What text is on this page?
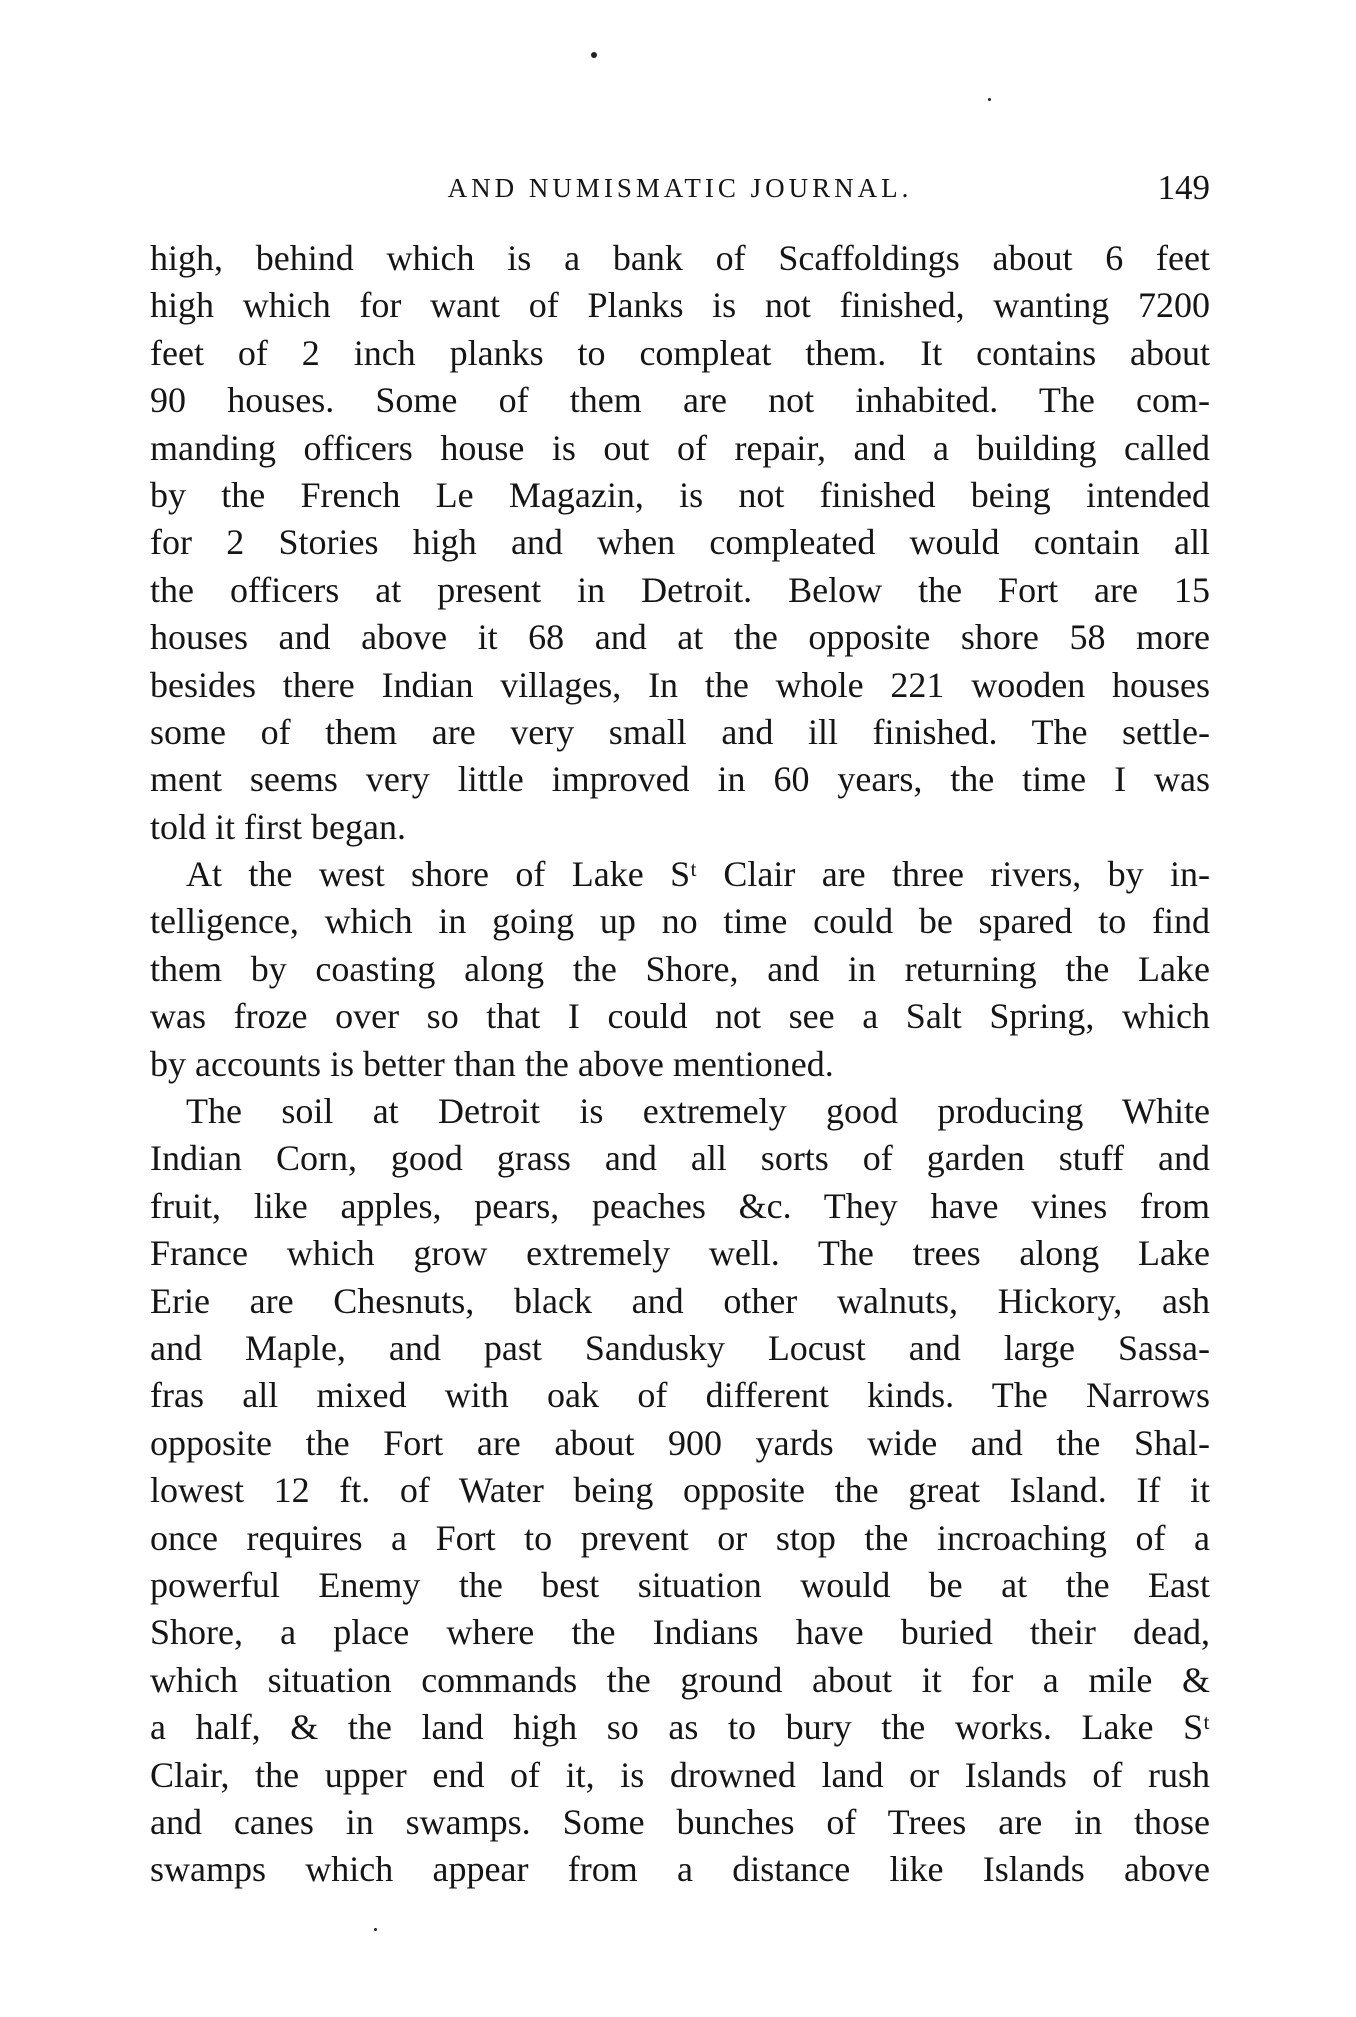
AND NUMISMATIC JOURNAL.	149
high, behind which is a bank of Scaffoldings about 6 feet
high which for want of Planks is not finished, wanting 7200
feet of 2 inch planks to compleat them. It contains about
90 houses. Some of them are not inhabited. The com-
manding officers house is out of repair, and a building called
by the French Le Magazin, is not finished being intended
for 2 Stories high and when compleated would contain all
the officers at present in Detroit. Below the Fort are 15
houses and above it 68 and at the opposite shore 58 more
besides there Indian villages, In the whole 221 wooden houses
some of them are very small and ill finished. The settle-
ment seems very little improved in 60 years, the time I was
told it first began.
At the west shore of Lake Sᵗ Clair are three rivers, by in-
telligence, which in going up no time could be spared to find
them by coasting along the Shore, and in returning the Lake
was froze over so that I could not see a Salt Spring, which
by accounts is better than the above mentioned.
The soil at Detroit is extremely good producing White
Indian Corn, good grass and all sorts of garden stuff and
fruit, like apples, pears, peaches &c. They have vines from
France which grow extremely well. The trees along Lake
Erie are Chesnuts, black and other walnuts, Hickory, ash
and Maple, and past Sandusky Locust and large Sassa-
fras all mixed with oak of different kinds. The Narrows
opposite the Fort are about 900 yards wide and the Shal-
lowest 12 ft. of Water being opposite the great Island. If it
once requires a Fort to prevent or stop the incroaching of a
powerful Enemy the best situation would be at the East
Shore, a place where the Indians have buried their dead,
which situation commands the ground about it for a mile &
a half, & the land high so as to bury the works. Lake Sᵗ
Clair, the upper end of it, is drowned land or Islands of rush
and canes in swamps. Some bunches of Trees are in those
swamps which appear from a distance like Islands above
